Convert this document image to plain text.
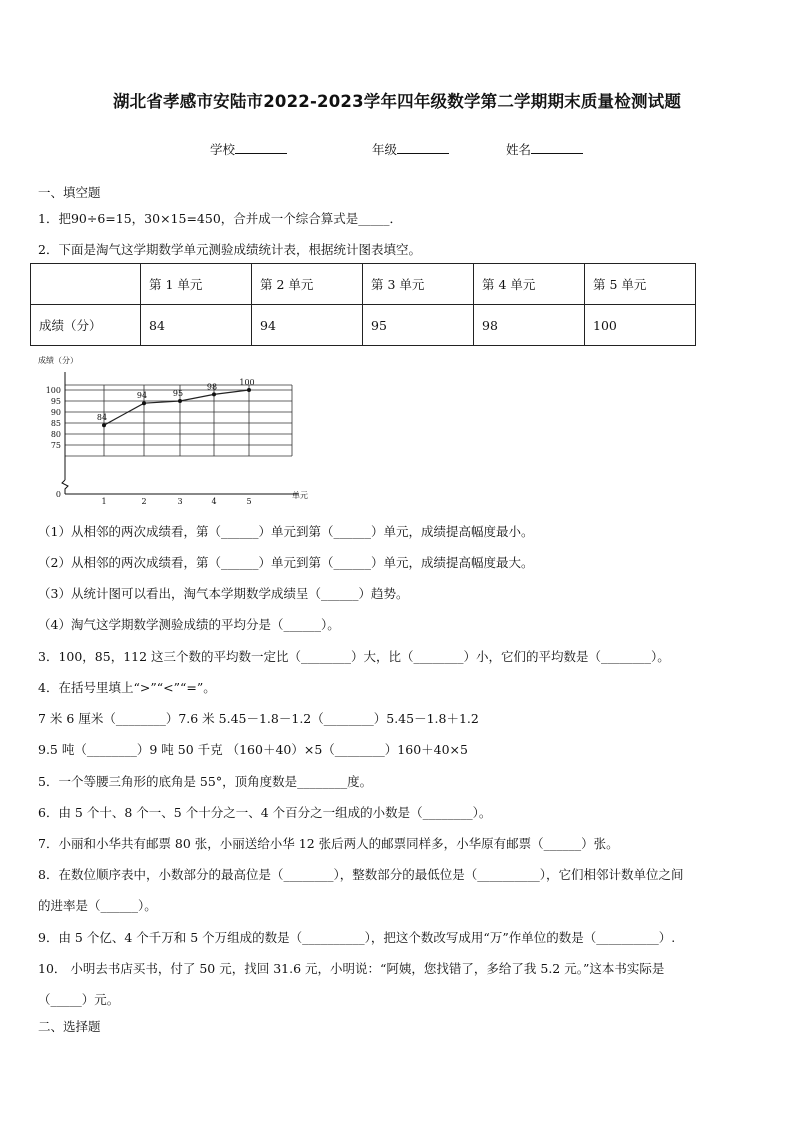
湖北省孝感市安陆市2022-2023学年四年级数学第二学期期末质量检测试题
学校	年级	姓名
一、填空题
1．把90÷6=15，30×15=450，合并成一个综合算式是_____．
2．下面是淘气这学期数学单元测验成绩统计表，根据统计图表填空。
	第 1 单元	第 2 单元	第 3 单元	第 4 单元	第 5 单元
成绩（分）	84	94	95	98	100
成绩（分）
单元
100
95
90
85
80
75
0
1	2	3	4	5
84
94	95
98	100
（1）从相邻的两次成绩看，第（______）单元到第（______）单元，成绩提高幅度最小。
（2）从相邻的两次成绩看，第（______）单元到第（______）单元，成绩提高幅度最大。
（3）从统计图可以看出，淘气本学期数学成绩呈（______）趋势。
（4）淘气这学期数学测验成绩的平均分是（______）。
3．100，85，112 这三个数的平均数一定比（________）大，比（________）小，它们的平均数是（________）。
4．在括号里填上“>”“<”“=”。
7 米 6 厘米（________）7.6 米 5.45－1.8－1.2（________）5.45－1.8＋1.2
9.5 吨（________）9 吨 50 千克 （160＋40）×5（________）160＋40×5
5．一个等腰三角形的底角是 55°，顶角度数是________度。
6．由 5 个十、8 个一、5 个十分之一、4 个百分之一组成的小数是（________）。
7．小丽和小华共有邮票 80 张，小丽送给小华 12 张后两人的邮票同样多，小华原有邮票（______）张。
8．在数位顺序表中，小数部分的最高位是（________），整数部分的最低位是（__________），它们相邻计数单位之间
的进率是（______）。
9．由 5 个亿、4 个千万和 5 个万组成的数是（__________），把这个数改写成用“万”作单位的数是（__________）.
10． 小明去书店买书，付了 50 元，找回 31.6 元，小明说：“阿姨，您找错了，多给了我 5.2 元。”这本书实际是
（_____）元。
二、选择题
